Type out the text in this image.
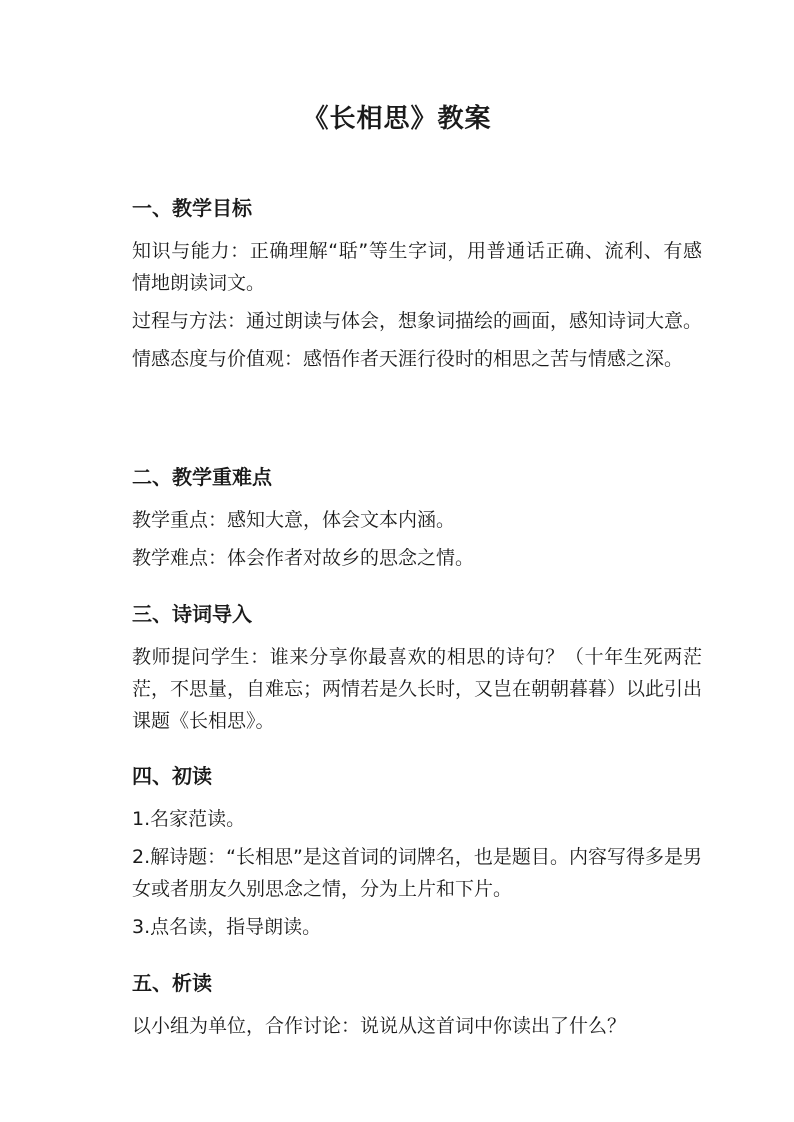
《长相思》教案
一、教学目标

知识与能力：正确理解“聒”等生字词，用普通话正确、流利、有感情地朗读词文。

过程与方法：通过朗读与体会，想象词描绘的画面，感知诗词大意。

情感态度与价值观：感悟作者天涯行役时的相思之苦与情感之深。

二、教学重难点

教学重点：感知大意，体会文本内涵。

教学难点：体会作者对故乡的思念之情。

三、诗词导入

教师提问学生：谁来分享你最喜欢的相思的诗句？（十年生死两茫茫，不思量，自难忘；两情若是久长时，又岂在朝朝暮暮）以此引出课题《长相思》。

四、初读

1.名家范读。

2.解诗题：“长相思”是这首词的词牌名，也是题目。内容写得多是男女或者朋友久别思念之情，分为上片和下片。

3.点名读，指导朗读。

五、析读

以小组为单位，合作讨论：说说从这首词中你读出了什么？
